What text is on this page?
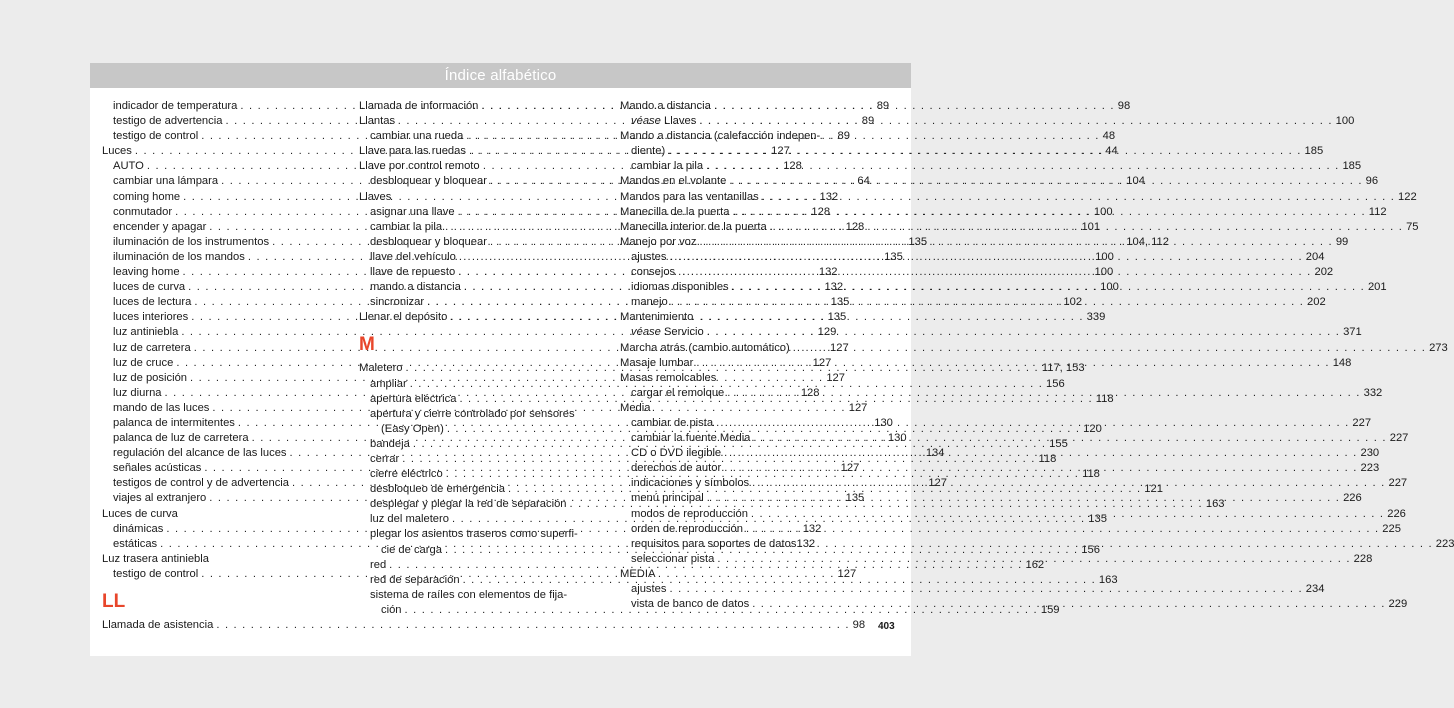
Índice alfabético
indicador de temperatura . . .	89
testigo de advertencia . . .	89
testigo de control . . .	89
Luces . . .	127
AUTO . . .	128
cambiar una lámpara . . .	64
coming home . . .	132
conmutador . . .	128
encender y apagar . . .	128
iluminación de los instrumentos . . .	135
iluminación de los mandos . . .	135
leaving home . . .	132
luces de curva . . .	132
luces de lectura . . .	135
luces interiores . . .	135
luz antiniebla . . .	129
luz de carretera . . .	127
luz de cruce . . .	127
luz de posición . . .	127
luz diurna . . .	128
mando de las luces . . .	127
palanca de intermitentes . . .	130
palanca de luz de carretera . . .	130
regulación del alcance de las luces . . .	134
señales acústicas . . .	127
testigos de control y de advertencia . . .	127
viajes al extranjero . . .	135
Luces de curva
dinámicas . . .	132
estáticas . . .	132
Luz trasera antiniebla
testigo de control . . .	127
LL
Llamada de asistencia . . .	98
Llamada de información . . .	98
Llantas
cambiar una rueda . . .	48
Llave para las ruedas . . .	44
Llave por control remoto
desbloquear y bloquear . . .	104
Llaves
asignar una llave . . .	100
cambiar la pila . . .	101
desbloquear y bloquear . . .	104, 112
llave del vehículo . . .	100
llave de repuesto . . .	100
mando a distancia . . .	100
sincronizar . . .	102
Llenar el depósito . . .	339
M
Maletero . . .	117, 153
ampliar . . .	156
apertura eléctrica . . .	118
apertura y cierre controlado por sensores
(Easy Open) . . .	120
bandeja . . .	155
cerrar . . .	118
cierre eléctrico . . .	118
desbloqueo de emergencia . . .	121
desplegar y plegar la red de separación . . .	163
luz del maletero . . .	135
plegar los asientos traseros como superfi-
cie de carga . . .	156
red . . .	162
red de separación . . .	163
sistema de raíles con elementos de fija-
ción . . .	159
Mando a distancia
véase Llaves . . .	100
Mando a distancia (calefacción indepen-
diente) . . .	185
cambiar la pila . . .	185
Mandos en el volante . . .	96
Mandos para las ventanillas . . .	122
Manecilla de la puerta . . .	112
Manecilla interior de la puerta . . .	75
Manejo por voz . . .	99
ajustes . . .	204
consejos . . .	202
idiomas disponibles . . .	201
manejo . . .	202
Mantenimiento
véase Servicio . . .	371
Marcha atrás (cambio automático) . . .	273
Masaje lumbar . . .	148
Masas remolcables
cargar el remolque . . .	332
Media
cambiar de pista . . .	227
cambiar la fuente Media . . .	227
CD o DVD ilegible . . .	230
derechos de autor . . .	223
indicaciones y símbolos . . .	227
menú principal . . .	226
modos de reproducción . . .	226
orden de reproducción . . .	225
requisitos para soportes de datos . . .	223
seleccionar pista . . .	228
MEDIA
ajustes . . .	234
vista de banco de datos . . .	229
403
